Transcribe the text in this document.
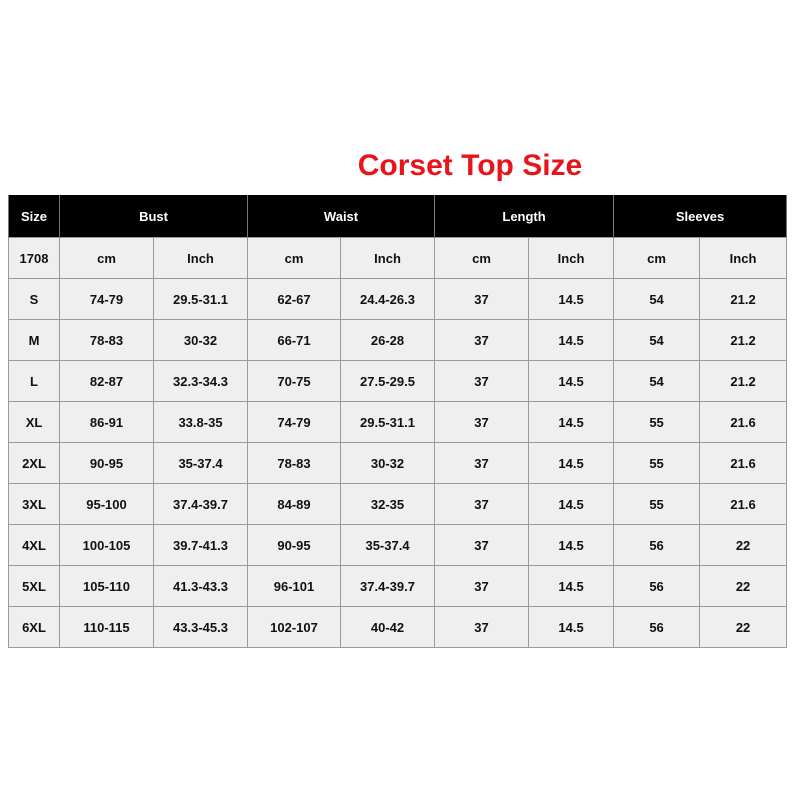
Corset Top Size
Size	Bust		Waist		Length		Sleeves	
1708	cm	Inch	cm	Inch	cm	Inch	cm	Inch
S	74-79	29.5-31.1	62-67	24.4-26.3	37	14.5	54	21.2
M	78-83	30-32	66-71	26-28	37	14.5	54	21.2
L	82-87	32.3-34.3	70-75	27.5-29.5	37	14.5	54	21.2
XL	86-91	33.8-35	74-79	29.5-31.1	37	14.5	55	21.6
2XL	90-95	35-37.4	78-83	30-32	37	14.5	55	21.6
3XL	95-100	37.4-39.7	84-89	32-35	37	14.5	55	21.6
4XL	100-105	39.7-41.3	90-95	35-37.4	37	14.5	56	22
5XL	105-110	41.3-43.3	96-101	37.4-39.7	37	14.5	56	22
6XL	110-115	43.3-45.3	102-107	40-42	37	14.5	56	22
